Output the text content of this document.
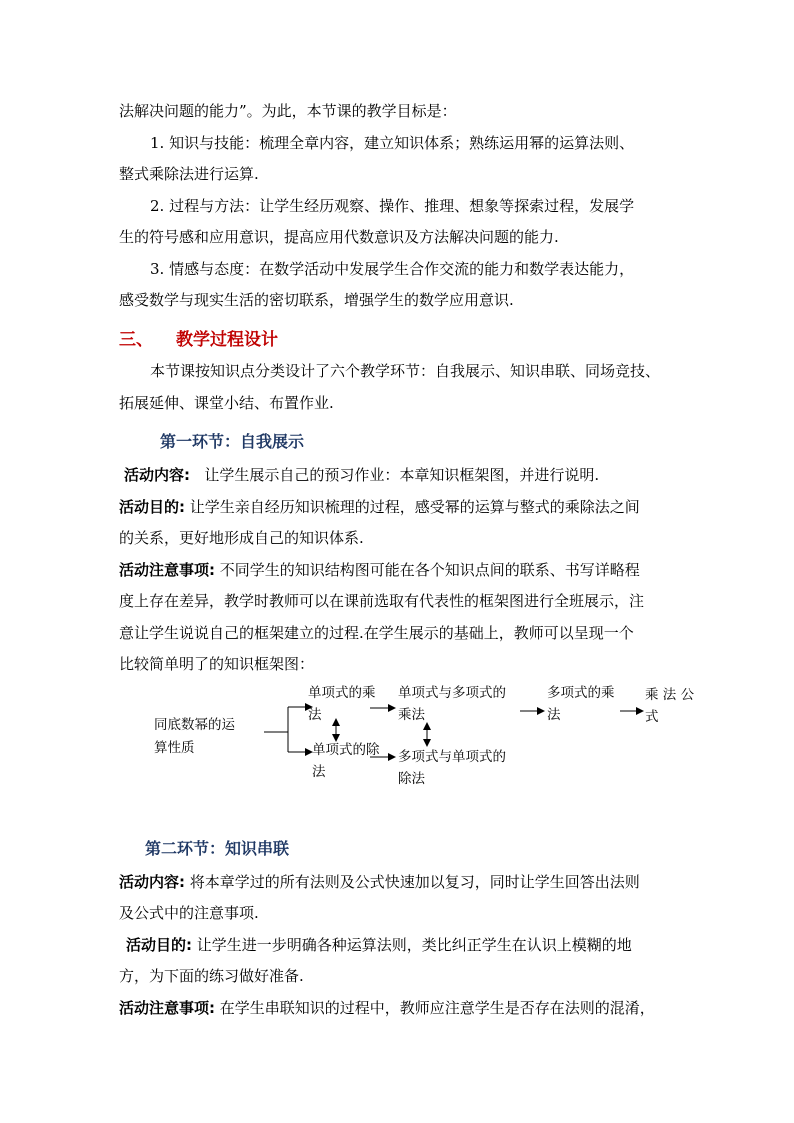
法解决问题的能力”。为此，本节课的教学目标是：
1. 知识与技能：梳理全章内容，建立知识体系；熟练运用幂的运算法则、
整式乘除法进行运算.
2. 过程与方法：让学生经历观察、操作、推理、想象等探索过程，发展学
生的符号感和应用意识，提高应用代数意识及方法解决问题的能力.
3. 情感与态度：在数学活动中发展学生合作交流的能力和数学表达能力，
感受数学与现实生活的密切联系，增强学生的数学应用意识.
三、 教学过程设计
本节课按知识点分类设计了六个教学环节：自我展示、知识串联、同场竞技、
拓展延伸、课堂小结、布置作业.
第一环节：自我展示
活动内容: 让学生展示自己的预习作业：本章知识框架图，并进行说明.
活动目的: 让学生亲自经历知识梳理的过程，感受幂的运算与整式的乘除法之间
的关系，更好地形成自己的知识体系.
活动注意事项: 不同学生的知识结构图可能在各个知识点间的联系、书写详略程
度上存在差异，教学时教师可以在课前选取有代表性的框架图进行全班展示，注
意让学生说说自己的框架建立的过程.在学生展示的基础上，教师可以呈现一个
比较简单明了的知识框架图：
同底数幂的运
算性质
单项式的乘
法
单项式的除
法
单项式与多项式的
乘法
多项式与单项式的
除法
多项式的乘
法
乘 法 公
式
第二环节：知识串联
活动内容: 将本章学过的所有法则及公式快速加以复习，同时让学生回答出法则
及公式中的注意事项.
活动目的: 让学生进一步明确各种运算法则，类比纠正学生在认识上模糊的地
方，为下面的练习做好准备.
活动注意事项: 在学生串联知识的过程中，教师应注意学生是否存在法则的混淆，
